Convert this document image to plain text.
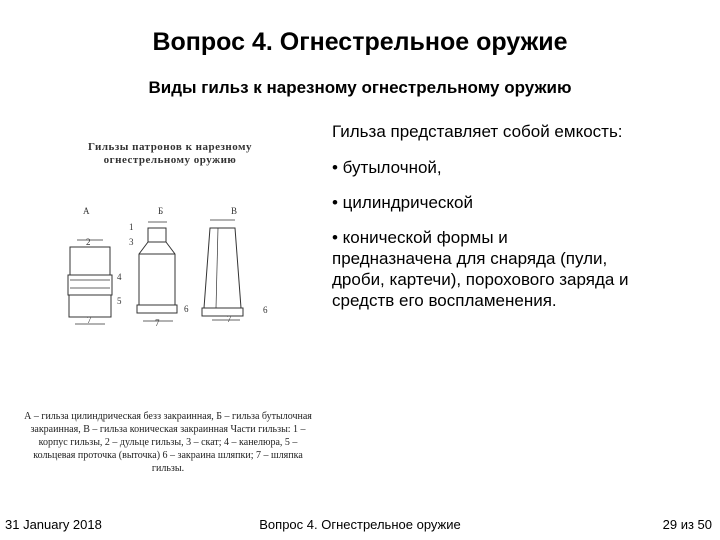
Вопрос 4. Огнестрельное оружие
Виды гильз к нарезному огнестрельному оружию
Гильзы патронов к нарезному
огнестрельному оружию
А	Б	В
4
5
7
2	3
1
6
7
6
7
А – гильза цилиндрическая безз закраинная, Б – гильза бутылочная закраинная, В – гильза коническая закраинная Части гильзы: 1 – корпус гильзы, 2 – дульце гильзы, 3 – скат; 4 – канелюра, 5 – кольцевая проточка (выточка) 6 – закраина шляпки; 7 – шляпка гильзы.

Гильза представляет собой емкость:

• бутылочной,

• цилиндрической

• конической формы и предназначена для снаряда (пули, дроби, картечи), порохового заряда и средств его воспламенения.

31 January 2018	Вопрос 4. Огнестрельное оружие	29 из 50
